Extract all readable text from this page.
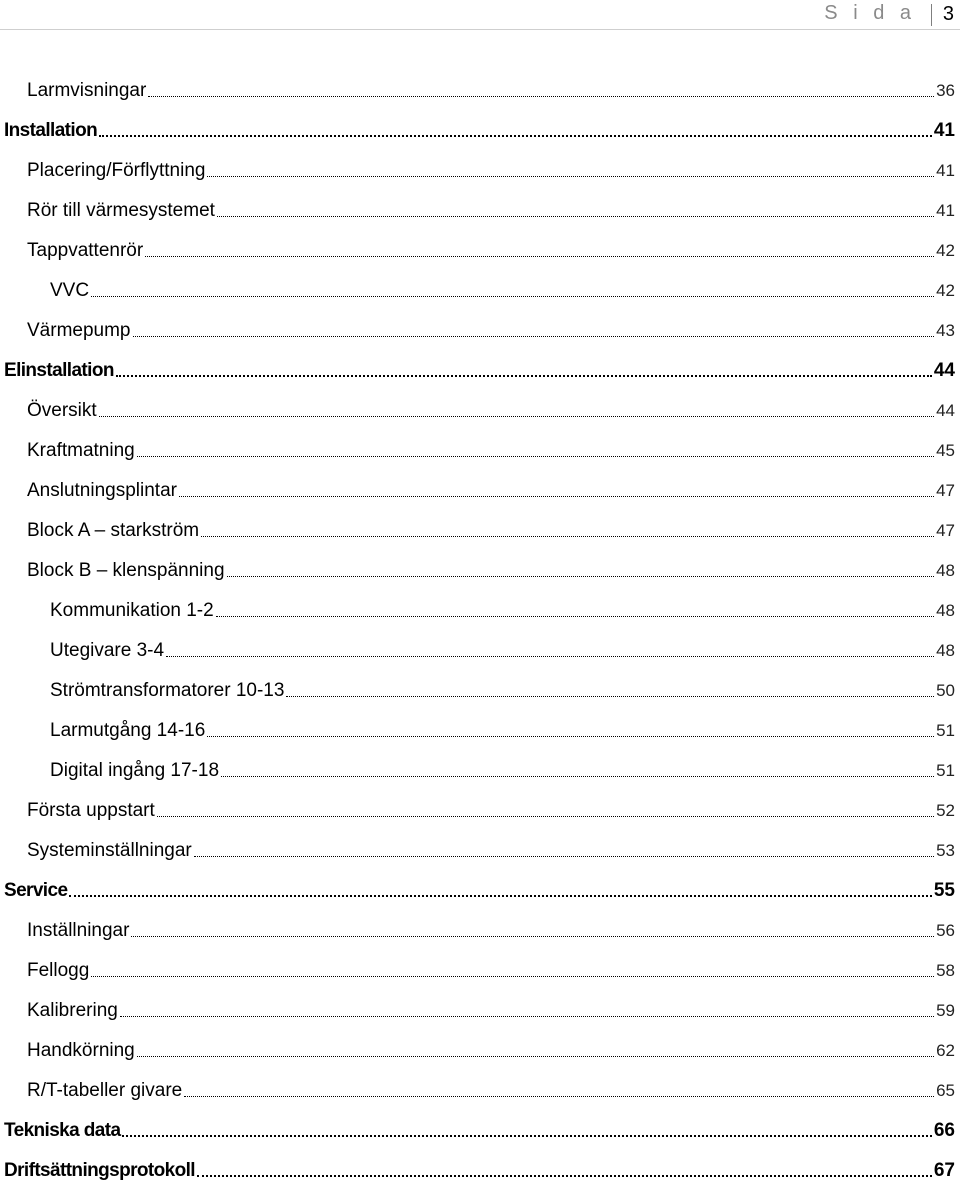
S i d a 3
Larmvisningar	36
Installation	41
Placering/Förflyttning	41
Rör till värmesystemet	41
Tappvattenrör	42
VVC	42
Värmepump	43
Elinstallation	44
Översikt	44
Kraftmatning	45
Anslutningsplintar	47
Block A – starkström	47
Block B – klenspänning	48
Kommunikation 1-2	48
Utegivare 3-4	48
Strömtransformatorer 10-13	50
Larmutgång 14-16	51
Digital ingång 17-18	51
Första uppstart	52
Systeminställningar	53
Service	55
Inställningar	56
Fellogg	58
Kalibrering	59
Handkörning	62
R/T-tabeller givare	65
Tekniska data	66
Driftsättningsprotokoll	67
